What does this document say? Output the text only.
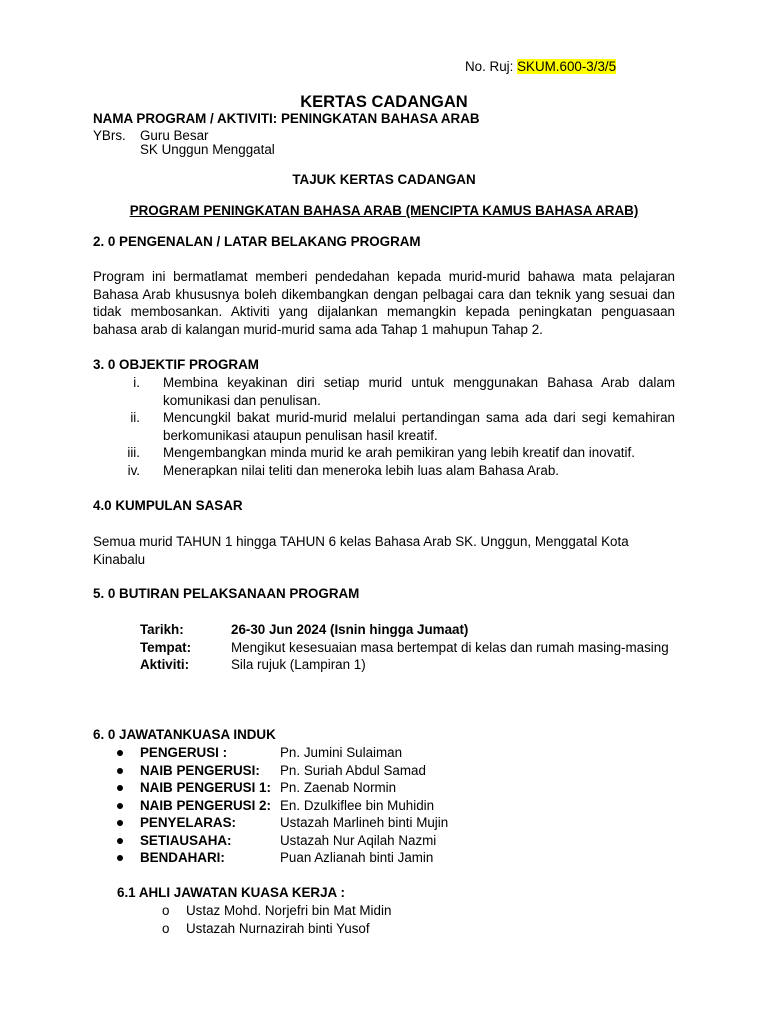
No. Ruj: SKUM.600-3/3/5
KERTAS CADANGAN
NAMA PROGRAM / AKTIVITI: PENINGKATAN BAHASA ARAB
YBrs. Guru Besar
SK Unggun Menggatal
TAJUK KERTAS CADANGAN
PROGRAM PENINGKATAN BAHASA ARAB (MENCIPTA KAMUS BAHASA ARAB)
2. 0 PENGENALAN / LATAR BELAKANG PROGRAM
Program ini bermatlamat memberi pendedahan kepada murid-murid bahawa mata pelajaran Bahasa Arab khususnya boleh dikembangkan dengan pelbagai cara dan teknik yang sesuai dan tidak membosankan. Aktiviti yang dijalankan memangkin kepada peningkatan penguasaan bahasa arab di kalangan murid-murid sama ada Tahap 1 mahupun Tahap 2.
3. 0 OBJEKTIF PROGRAM
i. Membina keyakinan diri setiap murid untuk menggunakan Bahasa Arab dalam komunikasi dan penulisan.
ii. Mencungkil bakat murid-murid melalui pertandingan sama ada dari segi kemahiran berkomunikasi ataupun penulisan hasil kreatif.
iii. Mengembangkan minda murid ke arah pemikiran yang lebih kreatif dan inovatif.
iv. Menerapkan nilai teliti dan meneroka lebih luas alam Bahasa Arab.
4.0 KUMPULAN SASAR
Semua murid TAHUN 1 hingga TAHUN 6 kelas Bahasa Arab SK. Unggun, Menggatal Kota Kinabalu
5. 0 BUTIRAN PELAKSANAAN PROGRAM
Tarikh:	26-30 Jun 2024 (Isnin hingga Jumaat)
Tempat:	Mengikut kesesuaian masa bertempat di kelas dan rumah masing-masing
Aktiviti:	Sila rujuk (Lampiran 1)
6. 0 JAWATANKUASA INDUK
PENGERUSI :	Pn. Jumini Sulaiman
NAIB PENGERUSI: Pn. Suriah Abdul Samad
NAIB PENGERUSI 1: Pn. Zaenab Normin
NAIB PENGERUSI 2: En. Dzulkiflee bin Muhidin
PENYELARAS:	Ustazah Marlineh binti Mujin
SETIAUSAHA:	Ustazah Nur Aqilah Nazmi
BENDAHARI:	Puan Azlianah binti Jamin
6.1 AHLI JAWATAN KUASA KERJA :
o Ustaz Mohd. Norjefri bin Mat Midin
o Ustazah Nurnazirah binti Yusof
